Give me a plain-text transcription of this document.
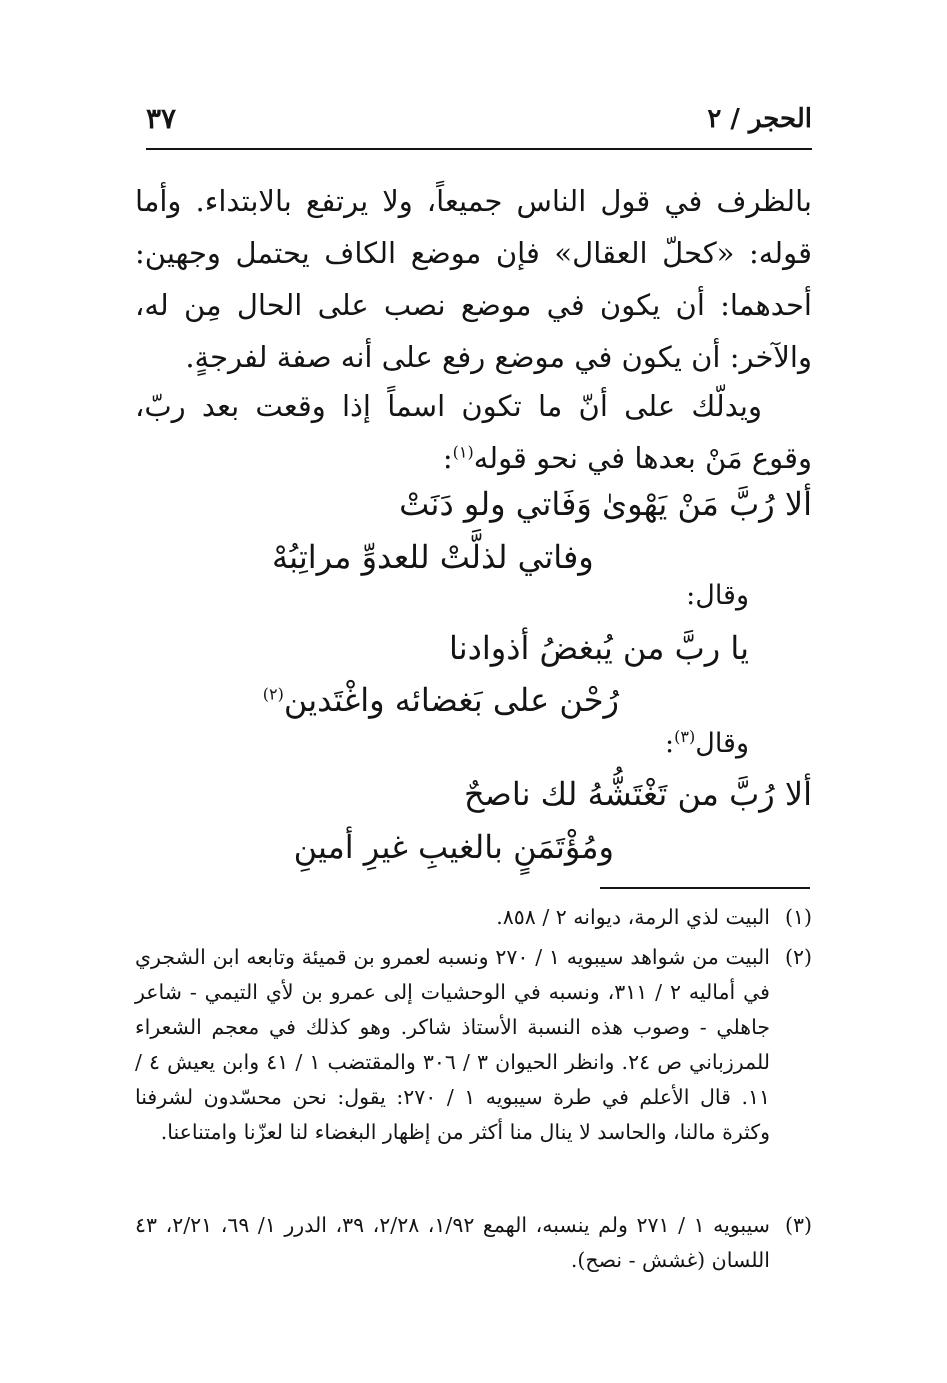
الحجر / ٢
٣٧
بالظرف في قول الناس جميعاً، ولا يرتفع بالابتداء. وأما قوله: «كحلّ العقال» فإن موضع الكاف يحتمل وجهين: أحدهما: أن يكون في موضع نصب على الحال مِن له، والآخر: أن يكون في موضع رفع على أنه صفة لفرجةٍ.
ويدلّك على أنّ ما تكون اسماً إذا وقعت بعد ربّ، وقوع مَنْ بعدها في نحو قوله$^{(١)}$:
ألا رُبَّ مَنْ يَهْوىٰ وَفَاتي ولو دَنَتْ
وفاتي لذلَّتْ للعدوِّ مراتِبُهْ
وقال:
يا ربَّ من يُبغضُ أذوادنا
رُحْن على بَغضائه واغْتَدين$^{(٢)}$
وقال$^{(٣)}$:
ألا رُبَّ من تَغْتَشُّهُ لك ناصحٌ
ومُؤْتَمَنٍ بالغيبِ غيرِ أمينِ
(١)
البيت لذي الرمة، ديوانه ٢ / ٨٥٨.
(٢)
البيت من شواهد سيبويه ١ / ٢٧٠ ونسبه لعمرو بن قميئة وتابعه ابن الشجري في أماليه ٢ / ٣١١، ونسبه في الوحشيات إلى عمرو بن لأي التيمي - شاعر جاهلي - وصوب هذه النسبة الأستاذ شاكر. وهو كذلك في معجم الشعراء للمرزباني ص ٢٤. وانظر الحيوان ٣ / ٣٠٦ والمقتضب ١ / ٤١ وابن يعيش ٤ / ١١. قال الأعلم في طرة سيبويه ١ / ٢٧٠: يقول: نحن محسّدون لشرفنا وكثرة مالنا، والحاسد لا ينال منا أكثر من إظهار البغضاء لنا لعزّنا وامتناعنا.
(٣)
سيبويه ١ / ٢٧١ ولم ينسبه، الهمع ١/٩٢، ٢/٢٨، ٣٩، الدرر ١/ ٦٩، ٢/٢١، ٤٣ اللسان (غشش - نصح).
